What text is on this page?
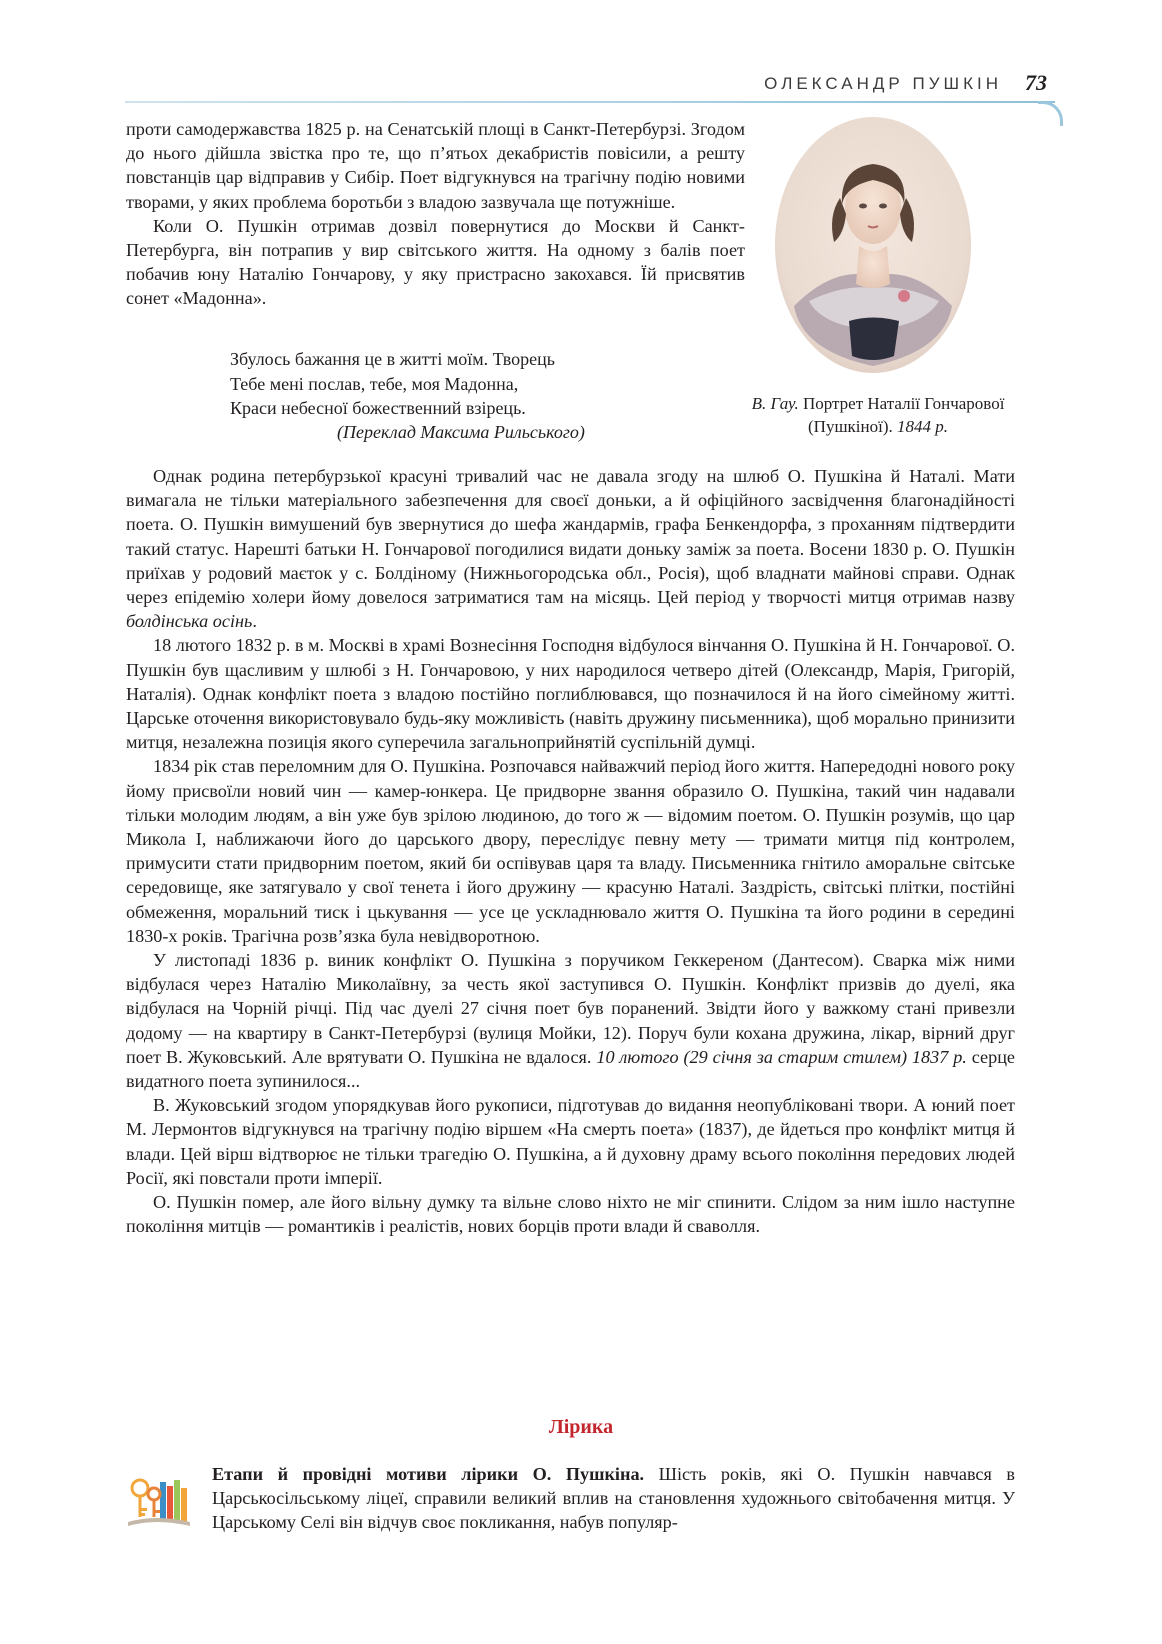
ОЛЕКСАНДР ПУШКІН 73

проти самодержавства 1825 р. на Сенатській площі в Санкт-Петербурзі. Згодом до нього дійшла звістка про те, що п’ятьох декабристів повісили, а решту повстанців цар відправив у Сибір. Поет відгукнувся на трагічну подію новими творами, у яких проблема боротьби з владою зазвучала ще потужніше.

Коли О. Пушкін отримав дозвіл повернутися до Москви й Санкт-Петербурга, він потрапив у вир світського життя. На одному з балів поет побачив юну Наталію Гончарову, у яку пристрасно закохався. Їй присвятив сонет «Мадонна».

Збулось бажання це в житті моїм. Творець
Тебе мені послав, тебе, моя Мадонна,
Краси небесної божественний взірець.
(Переклад Максима Рильського)
В. Гау. Портрет Наталії Гончарової (Пушкіної). 1844 р.

Однак родина петербурзької красуні тривалий час не давала згоду на шлюб О. Пушкіна й Наталі. Мати вимагала не тільки матеріального забезпечення для своєї доньки, а й офіційного засвідчення благонадійності поета. О. Пушкін вимушений був звернутися до шефа жандармів, графа Бенкендорфа, з проханням підтвердити такий статус. Нарешті батьки Н. Гончарової погодилися видати доньку заміж за поета. Восени 1830 р. О. Пушкін приїхав у родовий маєток у с. Болдіному (Нижньогородська обл., Росія), щоб владнати майнові справи. Однак через епідемію холери йому довелося затриматися там на місяць. Цей період у творчості митця отримав назву болдінська осінь.

18 лютого 1832 р. в м. Москві в храмі Вознесіння Господня відбулося вінчання О. Пушкіна й Н. Гончарової. О. Пушкін був щасливим у шлюбі з Н. Гончаровою, у них народилося четверо дітей (Олександр, Марія, Григорій, Наталія). Однак конфлікт поета з владою постійно поглиблювався, що позначилося й на його сімейному житті. Царське оточення використовувало будь-яку можливість (навіть дружину письменника), щоб морально принизити митця, незалежна позиція якого суперечила загальноприйнятій суспільній думці.

1834 рік став переломним для О. Пушкіна. Розпочався найважчий період його життя. Напередодні нового року йому присвоїли новий чин — камер-юнкера. Це придворне звання образило О. Пушкіна, такий чин надавали тільки молодим людям, а він уже був зрілою людиною, до того ж — відомим поетом. О. Пушкін розумів, що цар Микола І, наближаючи його до царського двору, переслідує певну мету — тримати митця під контролем, примусити стати придворним поетом, який би оспівував царя та владу. Письменника гнітило аморальне світське середовище, яке затягувало у свої тенета і його дружину — красуню Наталі. Заздрість, світські плітки, постійні обмеження, моральний тиск і цькування — усе це ускладнювало життя О. Пушкіна та його родини в середині 1830-х років. Трагічна розв’язка була невідворотною.

У листопаді 1836 р. виник конфлікт О. Пушкіна з поручиком Геккереном (Дантесом). Сварка між ними відбулася через Наталію Миколаївну, за честь якої заступився О. Пушкін. Конфлікт призвів до дуелі, яка відбулася на Чорній річці. Під час дуелі 27 січня поет був поранений. Звідти його у важкому стані привезли додому — на квартиру в Санкт-Петербурзі (вулиця Мойки, 12). Поруч були кохана дружина, лікар, вірний друг поет В. Жуковський. Але врятувати О. Пушкіна не вдалося. 10 лютого (29 січня за старим стилем) 1837 р. серце видатного поета зупинилося...

В. Жуковський згодом упорядкував його рукописи, підготував до видання неопубліковані твори. А юний поет М. Лермонтов відгукнувся на трагічну подію віршем «На смерть поета» (1837), де йдеться про конфлікт митця й влади. Цей вірш відтворює не тільки трагедію О. Пушкіна, а й духовну драму всього покоління передових людей Росії, які повстали проти імперії.

О. Пушкін помер, але його вільну думку та вільне слово ніхто не міг спинити. Слідом за ним ішло наступне покоління митців — романтиків і реалістів, нових борців проти влади й сваволля.

Лірика
Етапи й провідні мотиви лірики О. Пушкіна. Шість років, які О. Пушкін навчався в Царськосільському ліцеї, справили великий вплив на становлення художнього світобачення митця. У Царському Селі він відчув своє покликання, набув популяр-
